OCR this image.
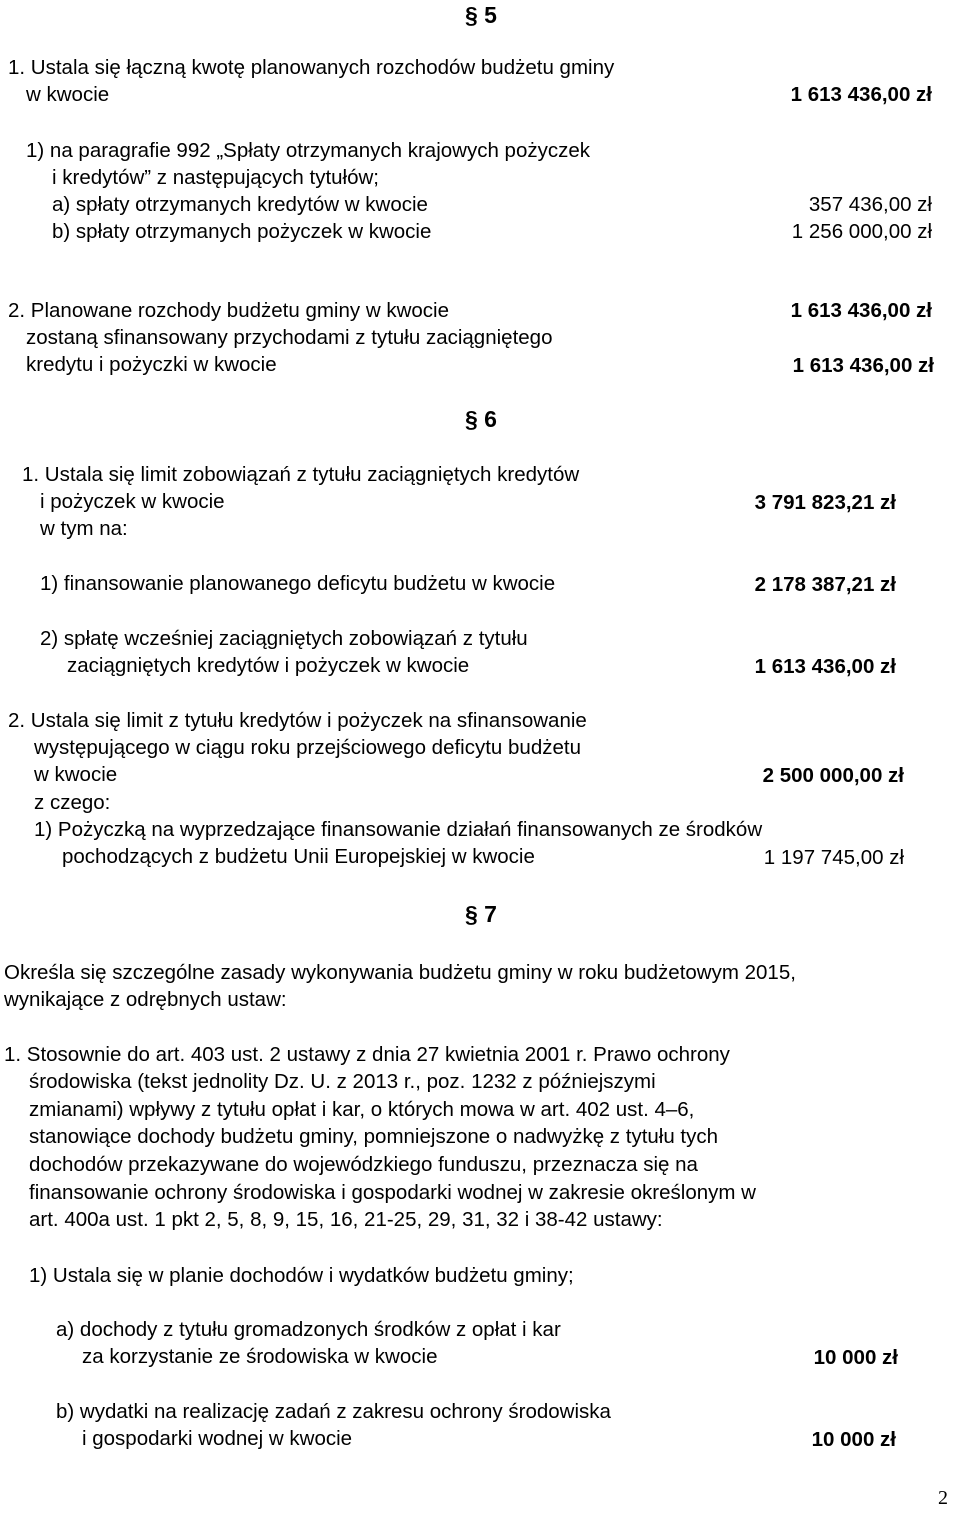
§ 5
1. Ustala się łączną kwotę planowanych rozchodów budżetu gminy
w kwocie	1 613 436,00 zł
1) na paragrafie 992 „Spłaty otrzymanych krajowych pożyczek
i kredytów” z następujących tytułów;
a) spłaty otrzymanych kredytów w kwocie	357 436,00 zł
b) spłaty otrzymanych pożyczek w kwocie	1 256 000,00 zł
2. Planowane rozchody budżetu gminy w kwocie	1 613 436,00 zł
zostaną sfinansowany przychodami z tytułu zaciągniętego
kredytu i pożyczki w kwocie	1 613 436,00 zł
§ 6
1. Ustala się limit zobowiązań z tytułu zaciągniętych kredytów
i pożyczek w kwocie	3 791 823,21 zł
w tym na:
1) finansowanie planowanego deficytu budżetu w kwocie	2 178 387,21 zł
2) spłatę wcześniej zaciągniętych zobowiązań z tytułu
zaciągniętych kredytów i pożyczek w kwocie	1 613 436,00 zł
2. Ustala się limit z tytułu kredytów i pożyczek na sfinansowanie
występującego w ciągu roku przejściowego deficytu budżetu
w kwocie	2 500 000,00 zł
z czego:
1) Pożyczką na wyprzedzające finansowanie działań finansowanych ze środków
pochodzących z budżetu Unii Europejskiej w kwocie	1 197 745,00 zł
§ 7
Określa się szczególne zasady wykonywania budżetu gminy w roku budżetowym 2015,
wynikające z odrębnych ustaw:
1. Stosownie do art. 403 ust. 2 ustawy z dnia 27 kwietnia 2001 r. Prawo ochrony
środowiska (tekst jednolity Dz. U. z 2013 r., poz. 1232 z późniejszymi
zmianami) wpływy z tytułu opłat i kar, o których mowa w art. 402 ust. 4–6,
stanowiące dochody budżetu gminy, pomniejszone o nadwyżkę z tytułu tych
dochodów przekazywane do wojewódzkiego funduszu, przeznacza się na
finansowanie ochrony środowiska i gospodarki wodnej w zakresie określonym w
art. 400a ust. 1 pkt 2, 5, 8, 9, 15, 16, 21-25, 29, 31, 32 i 38-42 ustawy:
1) Ustala się w planie dochodów i wydatków budżetu gminy;
a) dochody z tytułu gromadzonych środków z opłat i kar
za korzystanie ze środowiska w kwocie	10 000 zł
b) wydatki na realizację zadań z zakresu ochrony środowiska
i gospodarki wodnej w kwocie	10 000 zł
2
